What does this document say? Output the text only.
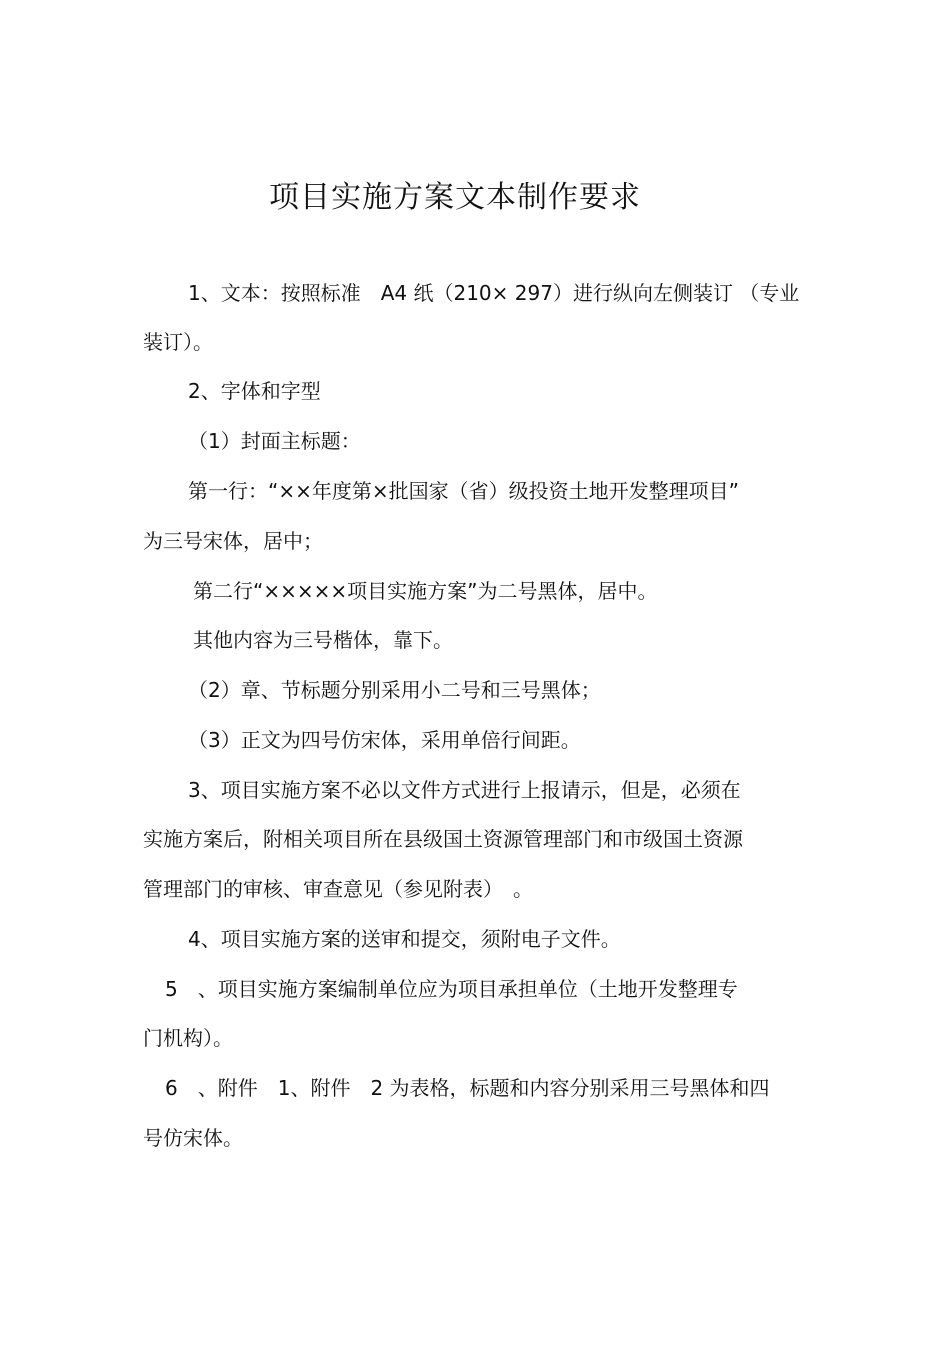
项目实施方案文本制作要求
1、文本：按照标准　A4 纸（210× 297）进行纵向左侧装订 （专业
装订）。
2、字体和字型
（1）封面主标题：
第一行：“××年度第×批国家（省）级投资土地开发整理项目”
为三号宋体，居中；
第二行“×××××项目实施方案”为二号黑体，居中。
其他内容为三号楷体，靠下。
（2）章、节标题分别采用小二号和三号黑体；
（3）正文为四号仿宋体，采用单倍行间距。
3、项目实施方案不必以文件方式进行上报请示，但是，必须在
实施方案后，附相关项目所在县级国土资源管理部门和市级国土资源
管理部门的审核、审查意见（参见附表）　。
4、项目实施方案的送审和提交，须附电子文件。
5　、项目实施方案编制单位应为项目承担单位（土地开发整理专
门机构）。
6　、附件　1、附件　2 为表格，标题和内容分别采用三号黑体和四
号仿宋体。
